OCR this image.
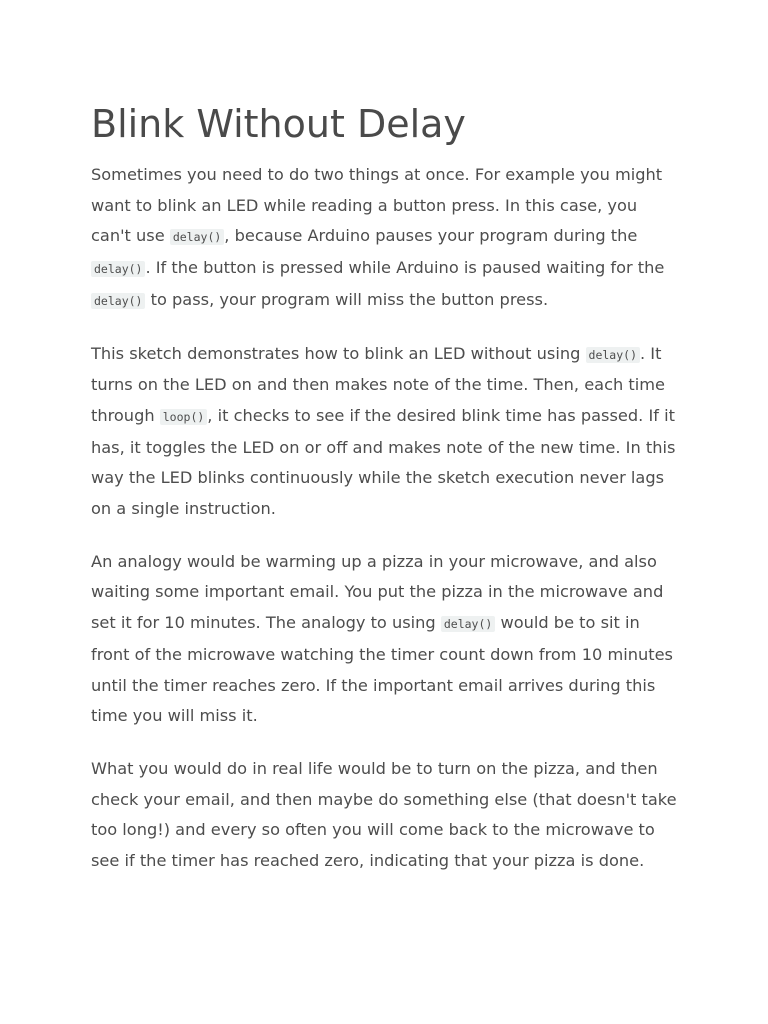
Blink Without Delay

Sometimes you need to do two things at once. For example you might want to blink an LED while reading a button press. In this case, you can't use delay() , because Arduino pauses your program during the delay() . If the button is pressed while Arduino is paused waiting for the delay() to pass, your program will miss the button press.

This sketch demonstrates how to blink an LED without using delay() . It turns on the LED on and then makes note of the time. Then, each time through loop() , it checks to see if the desired blink time has passed. If it has, it toggles the LED on or off and makes note of the new time. In this way the LED blinks continuously while the sketch execution never lags on a single instruction.

An analogy would be warming up a pizza in your microwave, and also waiting some important email. You put the pizza in the microwave and set it for 10 minutes. The analogy to using delay() would be to sit in front of the microwave watching the timer count down from 10 minutes until the timer reaches zero. If the important email arrives during this time you will miss it.

What you would do in real life would be to turn on the pizza, and then check your email, and then maybe do something else (that doesn't take too long!) and every so often you will come back to the microwave to see if the timer has reached zero, indicating that your pizza is done.
